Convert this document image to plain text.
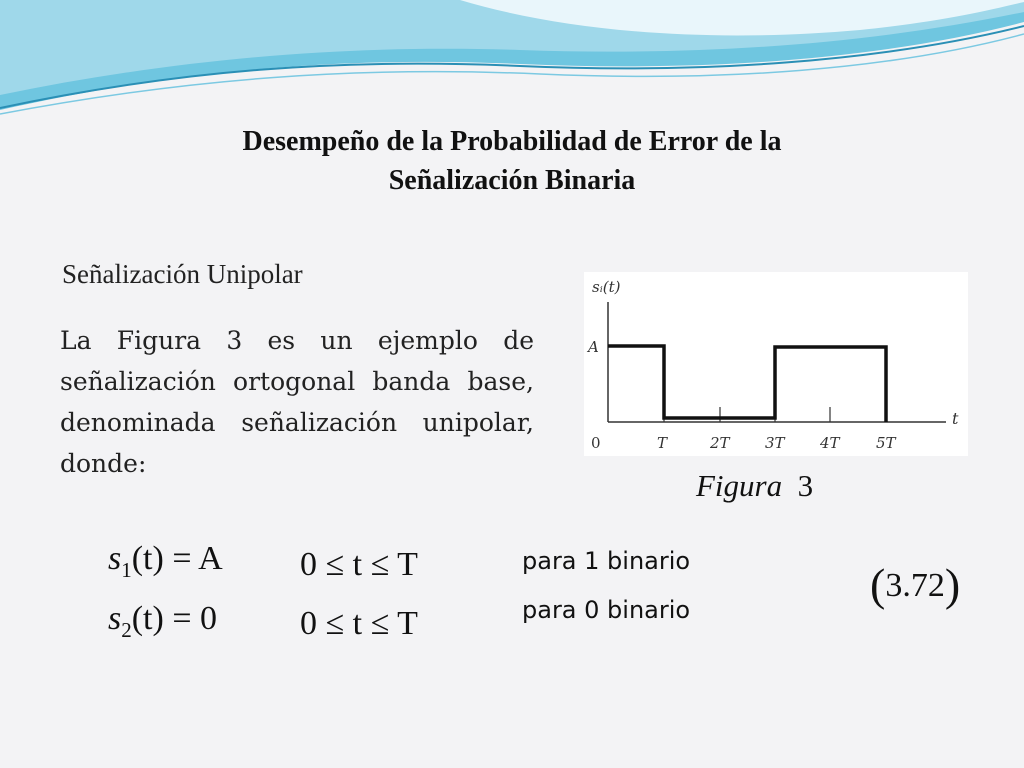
Desempeño de la Probabilidad de Error de la
Señalización Binaria
Señalización Unipolar
La Figura 3 es un ejemplo de señalización ortogonal banda base, denominada señalización unipolar, donde:
sᵢ(t)
A
t
0	T	2T 3T 4T 5T
Figura 3
$s_1(t) = A$ 0 ≤ t ≤ T	para 1 binario
$s_2(t) = 0$ 0 ≤ t ≤ T	para 0 binario	(3.72)
